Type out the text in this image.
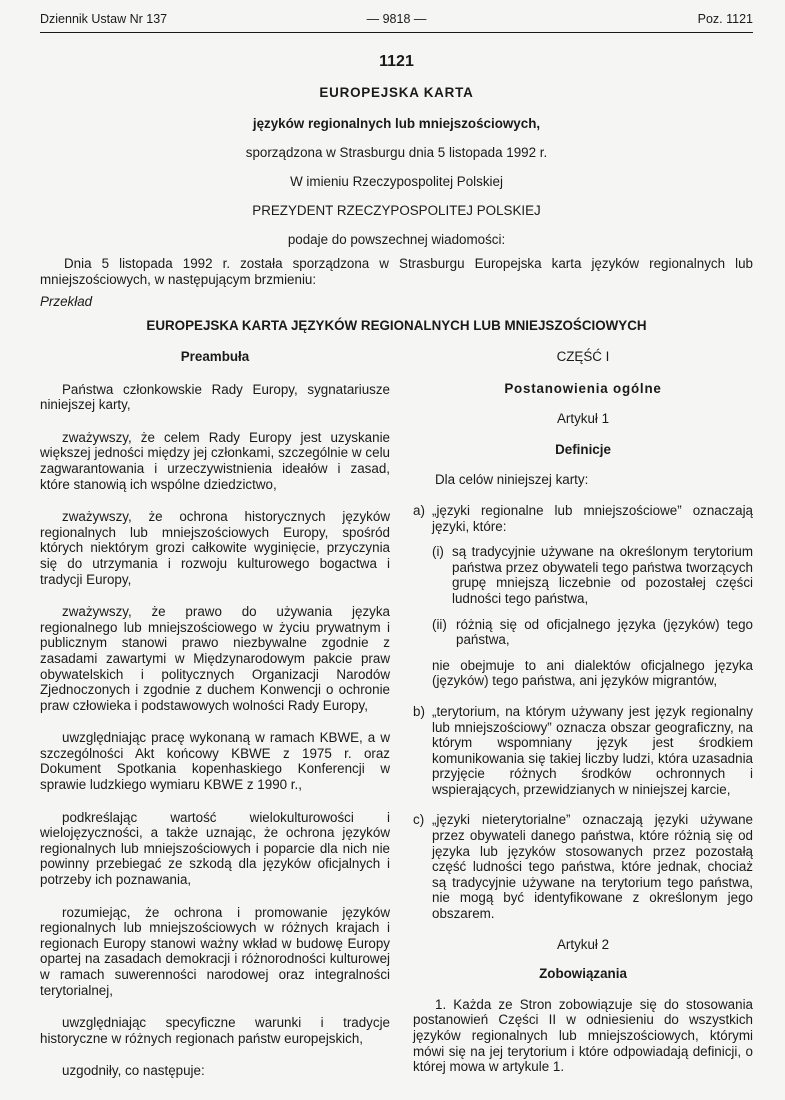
Dziennik Ustaw Nr 137	— 9818 —	Poz. 1121
1121
EUROPEJSKA KARTA
języków regionalnych lub mniejszościowych,
sporządzona w Strasburgu dnia 5 listopada 1992 r.
W imieniu Rzeczypospolitej Polskiej
PREZYDENT RZECZYPOSPOLITEJ POLSKIEJ
podaje do powszechnej wiadomości:
Dnia 5 listopada 1992 r. została sporządzona w Strasburgu Europejska karta języków regionalnych lub mniejszościowych, w następującym brzmieniu:
Przekład
EUROPEJSKA KARTA JĘZYKÓW REGIONALNYCH LUB MNIEJSZOŚCIOWYCH

Preambuła

Państwa członkowskie Rady Europy, sygnatariusze niniejszej karty,

zważywszy, że celem Rady Europy jest uzyskanie większej jedności między jej członkami, szczególnie w celu zagwarantowania i urzeczywistnienia ideałów i zasad, które stanowią ich wspólne dziedzictwo,

zważywszy, że ochrona historycznych języków regionalnych lub mniejszościowych Europy, spośród których niektórym grozi całkowite wyginięcie, przyczynia się do utrzymania i rozwoju kulturowego bogactwa i tradycji Europy,

zważywszy, że prawo do używania języka regionalnego lub mniejszościowego w życiu prywatnym i publicznym stanowi prawo niezbywalne zgodnie z zasadami zawartymi w Międzynarodowym pakcie praw obywatelskich i politycznych Organizacji Narodów Zjednoczonych i zgodnie z duchem Konwencji o ochronie praw człowieka i podstawowych wolności Rady Europy,

uwzględniając pracę wykonaną w ramach KBWE, a w szczególności Akt końcowy KBWE z 1975 r. oraz Dokument Spotkania kopenhaskiego Konferencji w sprawie ludzkiego wymiaru KBWE z 1990 r.,

podkreślając wartość wielokulturowości i wielojęzyczności, a także uznając, że ochrona języków regionalnych lub mniejszościowych i poparcie dla nich nie powinny przebiegać ze szkodą dla języków oficjalnych i potrzeby ich poznawania,

rozumiejąc, że ochrona i promowanie języków regionalnych lub mniejszościowych w różnych krajach i regionach Europy stanowi ważny wkład w budowę Europy opartej na zasadach demokracji i różnorodności kulturowej w ramach suwerenności narodowej oraz integralności terytorialnej,

uwzględniając specyficzne warunki i tradycje historyczne w różnych regionach państw europejskich,

uzgodniły, co następuje:

CZĘŚĆ I

Postanowienia ogólne

Artykuł 1

Definicje

Dla celów niniejszej karty:

a) „języki regionalne lub mniejszościowe” oznaczają języki, które:
(i) są tradycyjnie używane na określonym terytorium państwa przez obywateli tego państwa tworzących grupę mniejszą liczebnie od pozostałej części ludności tego państwa,
(ii) różnią się od oficjalnego języka (języków) tego państwa,

nie obejmuje to ani dialektów oficjalnego języka (języków) tego państwa, ani języków migrantów,

b) „terytorium, na którym używany jest język regionalny lub mniejszościowy” oznacza obszar geograficzny, na którym wspomniany język jest środkiem komunikowania się takiej liczby ludzi, która uzasadnia przyjęcie różnych środków ochronnych i wspierających, przewidzianych w niniejszej karcie,
c) „języki nieterytorialne” oznaczają języki używane przez obywateli danego państwa, które różnią się od języka lub języków stosowanych przez pozostałą część ludności tego państwa, które jednak, chociaż są tradycyjnie używane na terytorium tego państwa, nie mogą być identyfikowane z określonym jego obszarem.

Artykuł 2

Zobowiązania

1. Każda ze Stron zobowiązuje się do stosowania postanowień Części II w odniesieniu do wszystkich języków regionalnych lub mniejszościowych, którymi mówi się na jej terytorium i które odpowiadają definicji, o której mowa w artykule 1.
